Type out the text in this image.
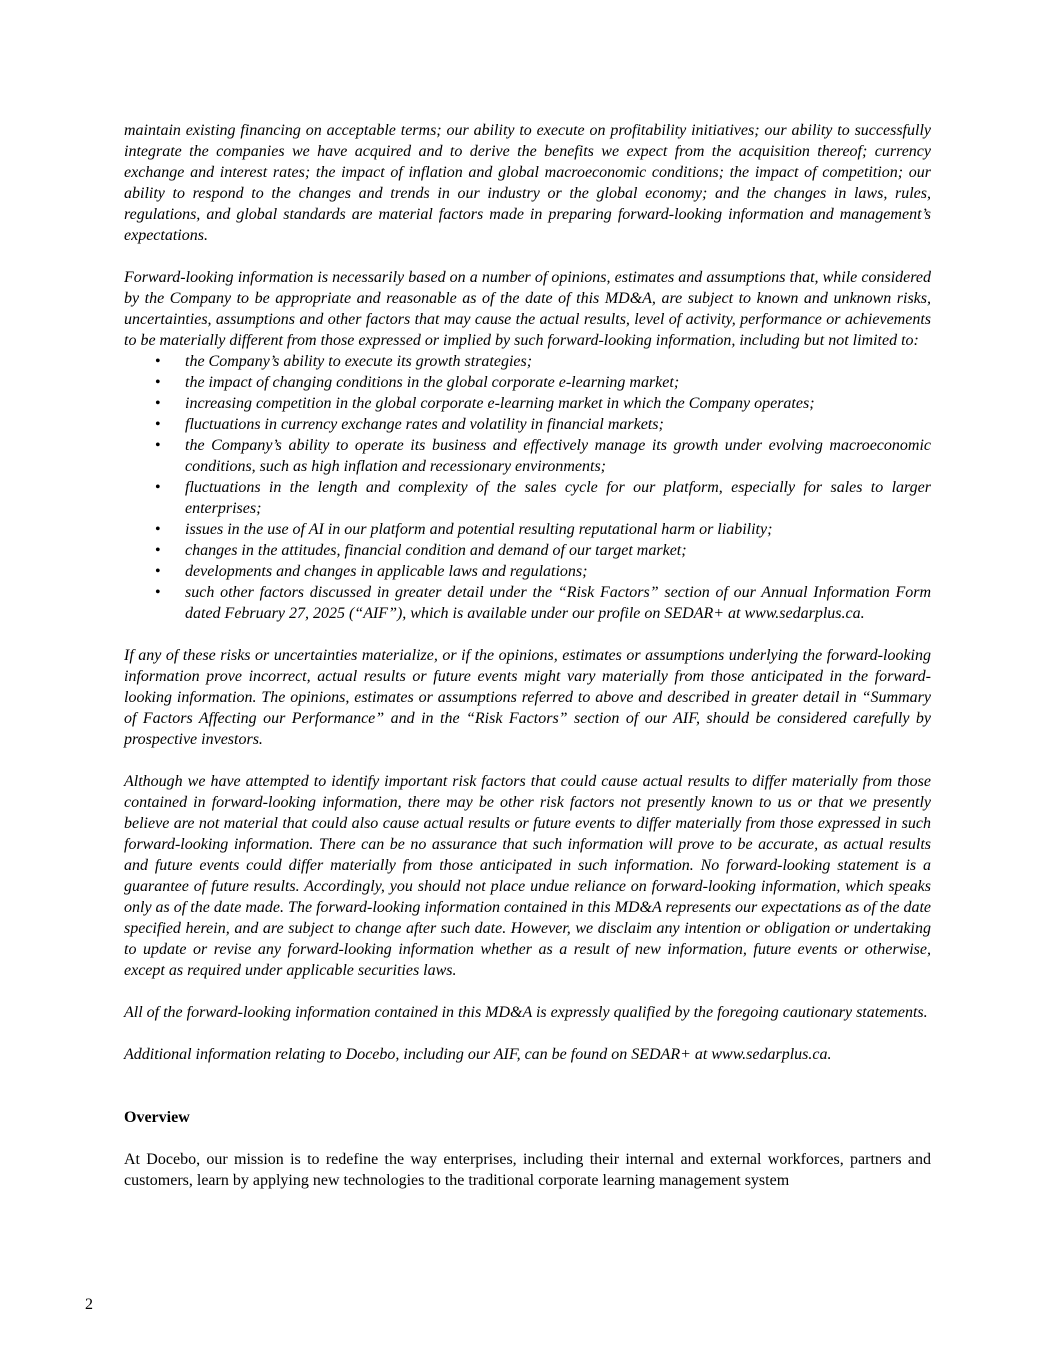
maintain existing financing on acceptable terms; our ability to execute on profitability initiatives; our ability to successfully integrate the companies we have acquired and to derive the benefits we expect from the acquisition thereof; currency exchange and interest rates; the impact of inflation and global macroeconomic conditions; the impact of competition; our ability to respond to the changes and trends in our industry or the global economy; and the changes in laws, rules, regulations, and global standards are material factors made in preparing forward-looking information and management’s expectations.

Forward-looking information is necessarily based on a number of opinions, estimates and assumptions that, while considered by the Company to be appropriate and reasonable as of the date of this MD&A, are subject to known and unknown risks, uncertainties, assumptions and other factors that may cause the actual results, level of activity, performance or achievements to be materially different from those expressed or implied by such forward-looking information, including but not limited to:

• the Company’s ability to execute its growth strategies;
• the impact of changing conditions in the global corporate e-learning market;
• increasing competition in the global corporate e-learning market in which the Company operates;
• fluctuations in currency exchange rates and volatility in financial markets;
• the Company’s ability to operate its business and effectively manage its growth under evolving macroeconomic conditions, such as high inflation and recessionary environments;
• fluctuations in the length and complexity of the sales cycle for our platform, especially for sales to larger enterprises;
• issues in the use of AI in our platform and potential resulting reputational harm or liability;
• changes in the attitudes, financial condition and demand of our target market;
• developments and changes in applicable laws and regulations;
• such other factors discussed in greater detail under the “Risk Factors” section of our Annual Information Form dated February 27, 2025 (“AIF”), which is available under our profile on SEDAR+ at www.sedarplus.ca.

If any of these risks or uncertainties materialize, or if the opinions, estimates or assumptions underlying the forward-looking information prove incorrect, actual results or future events might vary materially from those anticipated in the forward-looking information. The opinions, estimates or assumptions referred to above and described in greater detail in “Summary of Factors Affecting our Performance” and in the “Risk Factors” section of our AIF, should be considered carefully by prospective investors.

Although we have attempted to identify important risk factors that could cause actual results to differ materially from those contained in forward-looking information, there may be other risk factors not presently known to us or that we presently believe are not material that could also cause actual results or future events to differ materially from those expressed in such forward-looking information. There can be no assurance that such information will prove to be accurate, as actual results and future events could differ materially from those anticipated in such information. No forward-looking statement is a guarantee of future results. Accordingly, you should not place undue reliance on forward-looking information, which speaks only as of the date made. The forward-looking information contained in this MD&A represents our expectations as of the date specified herein, and are subject to change after such date. However, we disclaim any intention or obligation or undertaking to update or revise any forward-looking information whether as a result of new information, future events or otherwise, except as required under applicable securities laws.

All of the forward-looking information contained in this MD&A is expressly qualified by the foregoing cautionary statements.

Additional information relating to Docebo, including our AIF, can be found on SEDAR+ at www.sedarplus.ca.

Overview

At Docebo, our mission is to redefine the way enterprises, including their internal and external workforces, partners and customers, learn by applying new technologies to the traditional corporate learning management system

2
